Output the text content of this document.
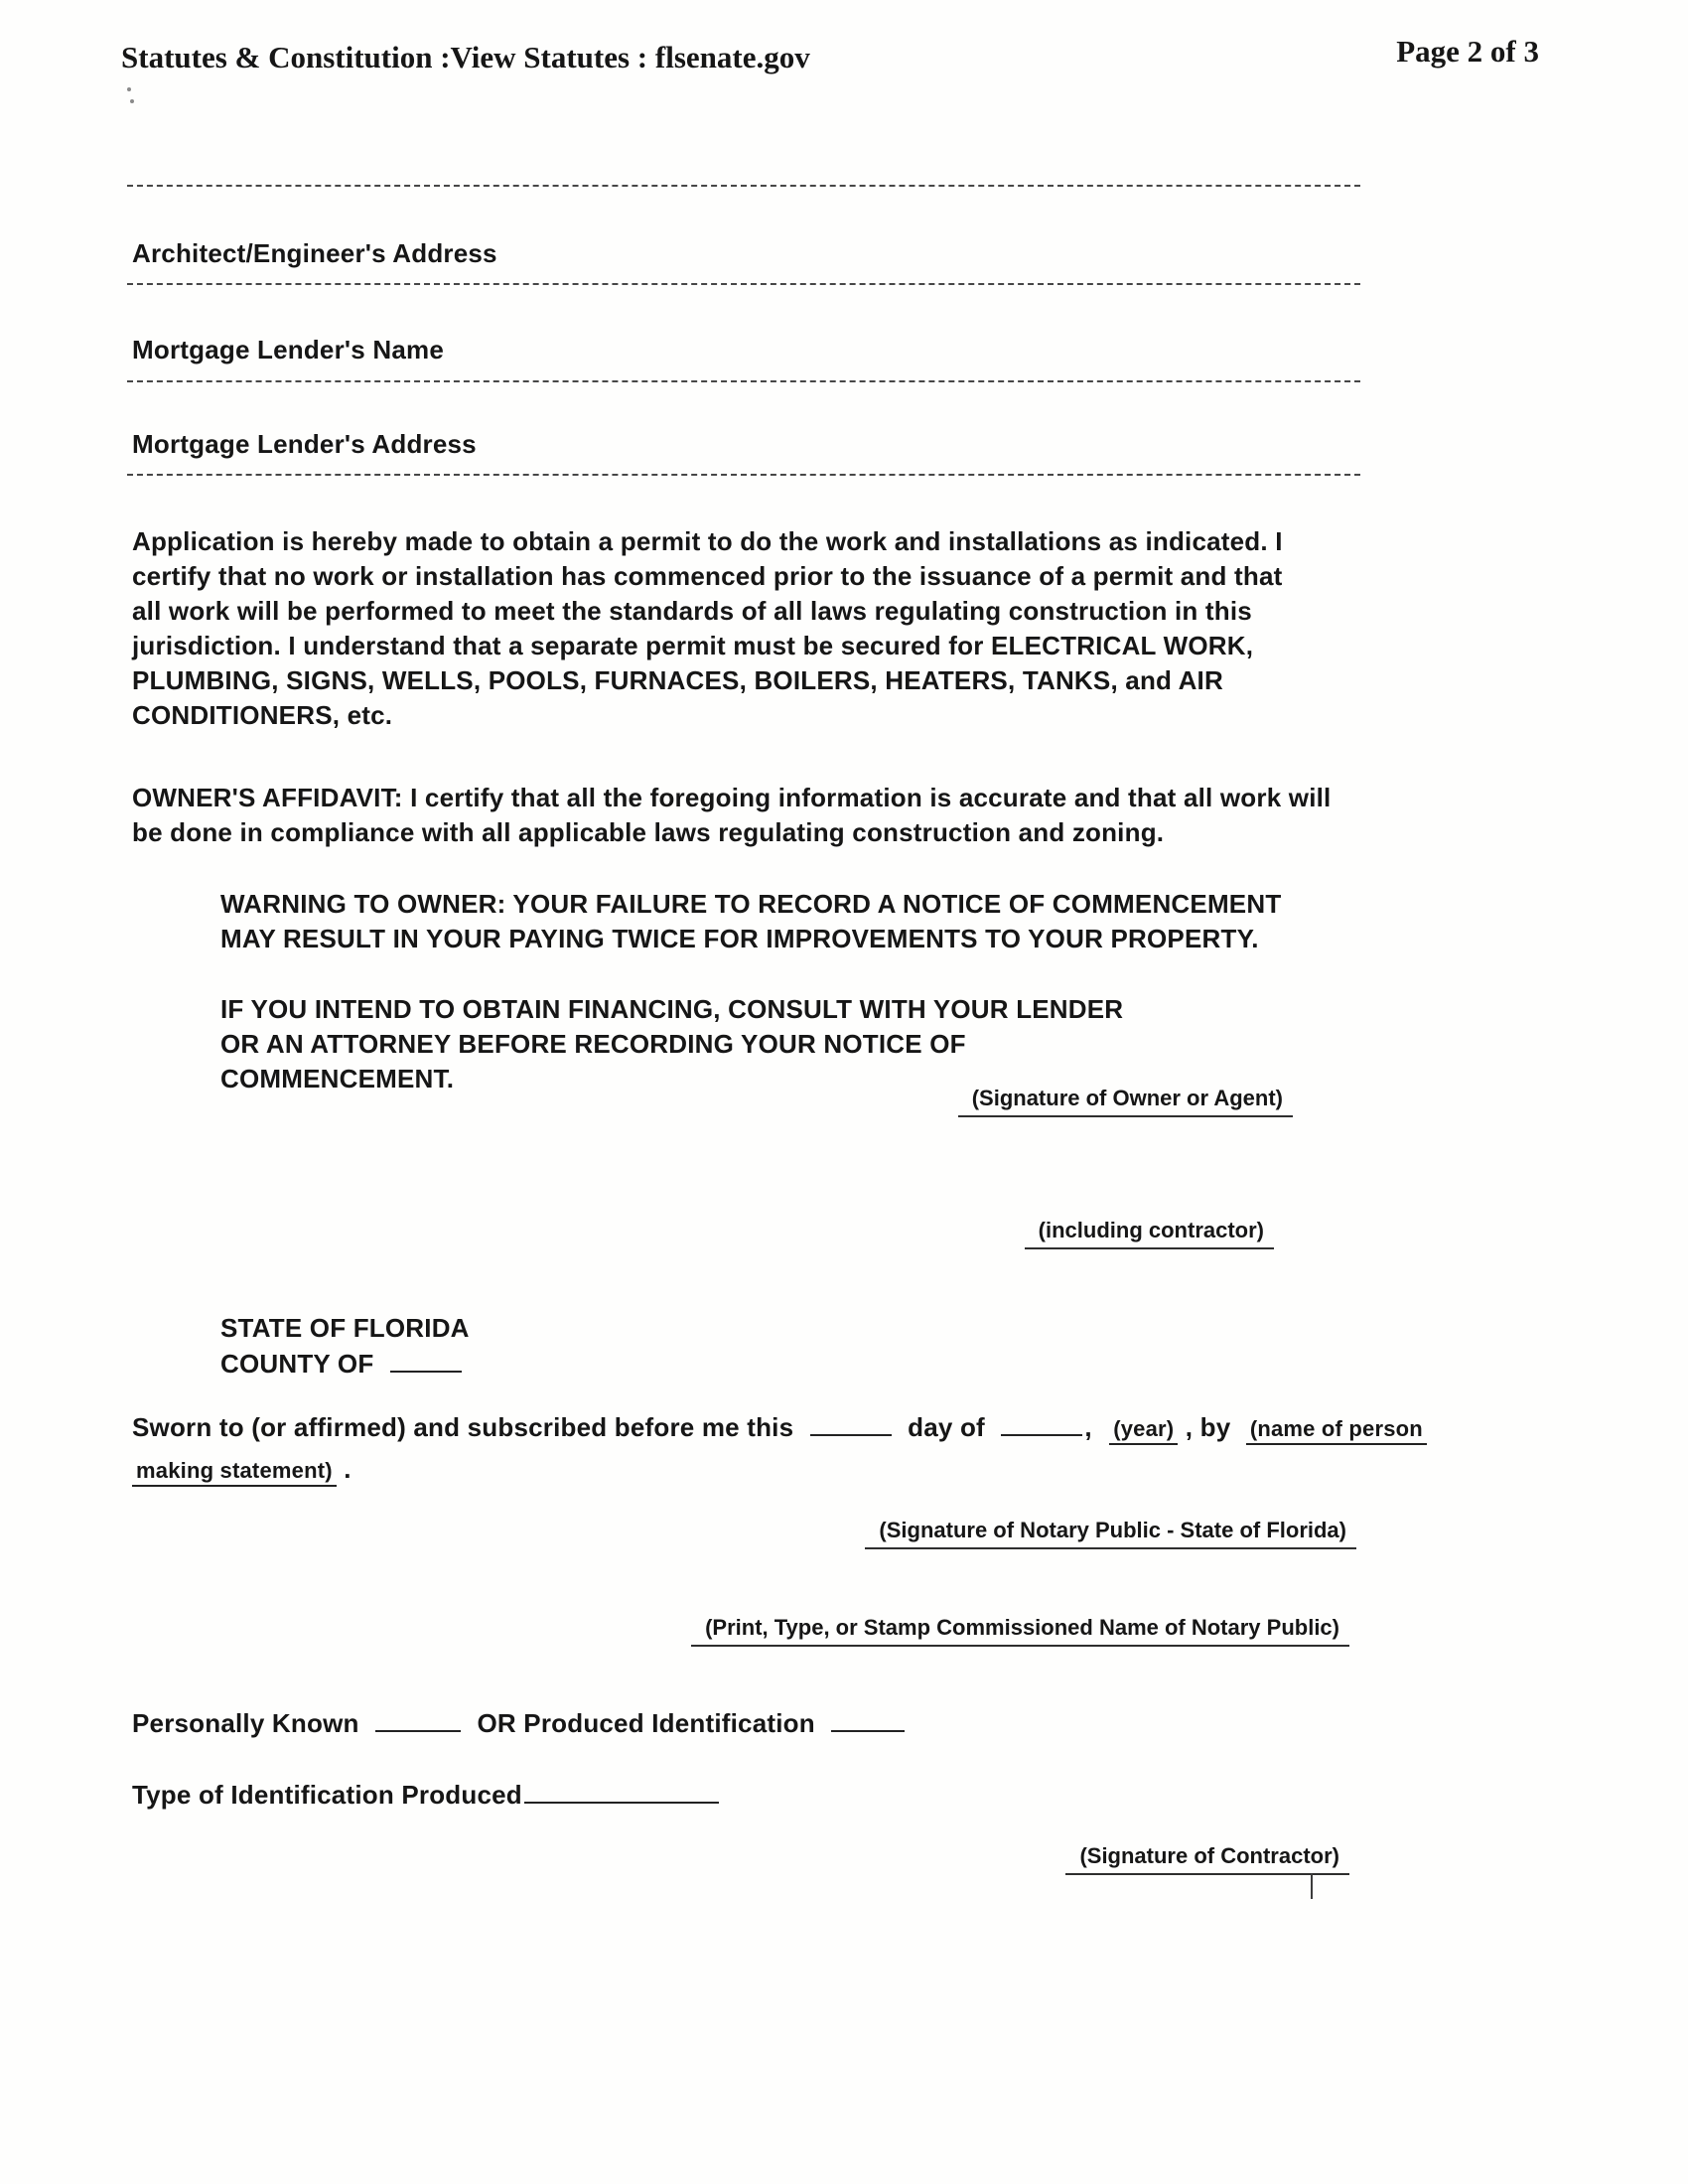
Statutes & Constitution :View Statutes : flsenate.gov	Page 2 of 3
Architect/Engineer's Address
Mortgage Lender's Name
Mortgage Lender's Address
Application is hereby made to obtain a permit to do the work and installations as indicated. I certify that no work or installation has commenced prior to the issuance of a permit and that all work will be performed to meet the standards of all laws regulating construction in this jurisdiction. I understand that a separate permit must be secured for ELECTRICAL WORK, PLUMBING, SIGNS, WELLS, POOLS, FURNACES, BOILERS, HEATERS, TANKS, and AIR CONDITIONERS, etc.
OWNER'S AFFIDAVIT: I certify that all the foregoing information is accurate and that all work will be done in compliance with all applicable laws regulating construction and zoning.
WARNING TO OWNER: YOUR FAILURE TO RECORD A NOTICE OF COMMENCEMENT MAY RESULT IN YOUR PAYING TWICE FOR IMPROVEMENTS TO YOUR PROPERTY.
IF YOU INTEND TO OBTAIN FINANCING, CONSULT WITH YOUR LENDER OR AN ATTORNEY BEFORE RECORDING YOUR NOTICE OF COMMENCEMENT.
(Signature of Owner or Agent)
(including contractor)
STATE OF FLORIDA
COUNTY OF
Sworn to (or affirmed) and subscribed before me this	day of	, (year) , by (name of person
making statement) .
(Signature of Notary Public - State of Florida)
(Print, Type, or Stamp Commissioned Name of Notary Public)
Personally Known	OR Produced Identification
Type of Identification Produced
(Signature of Contractor)
